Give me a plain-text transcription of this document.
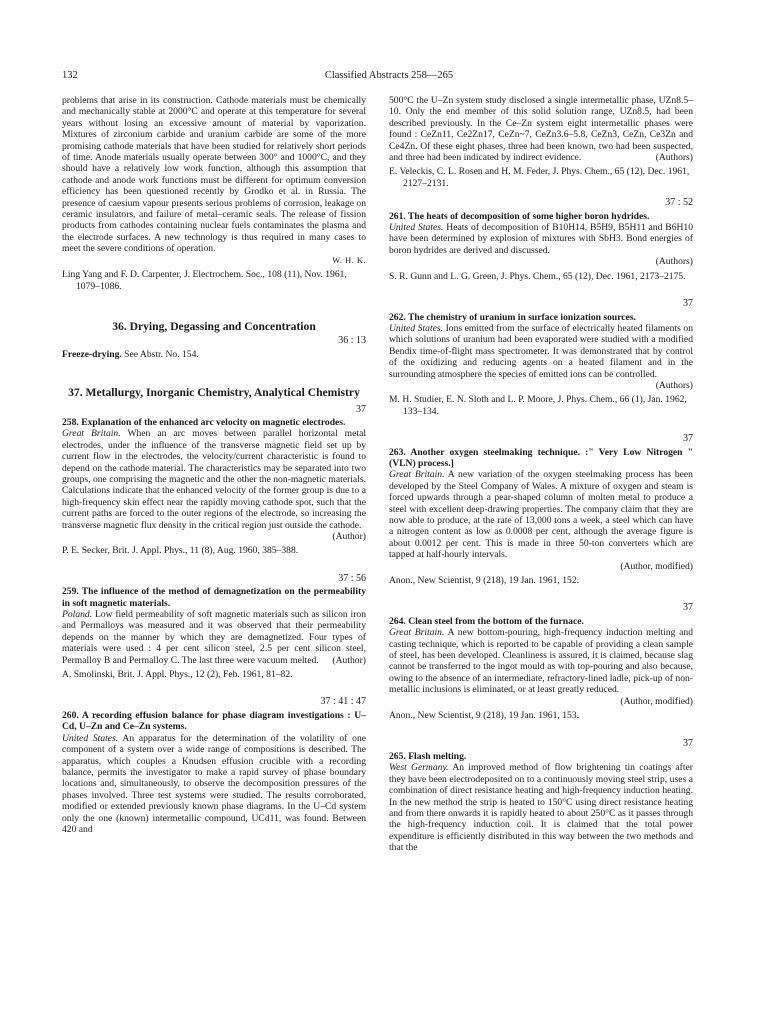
132	Classified Abstracts 258—265

problems that arise in its construction. Cathode materials must be chemically and mechanically stable at 2000°C and operate at this temperature for several years without losing an excessive amount of material by vaporization. Mixtures of zirconium carbide and uranium carbide are some of the more promising cathode materials that have been studied for relatively short periods of time. Anode materials usually operate between 300° and 1000°C, and they should have a relatively low work function, although this assumption that cathode and anode work functions must be different for optimum conversion efficiency has been questioned recently by Grodko et al. in Russia. The presence of caesium vapour presents serious problems of corrosion, leakage on ceramic insulators, and failure of metal–ceramic seals. The release of fission products from cathodes containing nuclear fuels contaminates the plasma and the electrode surfaces. A new technology is thus required in many cases to meet the severe conditions of operation.

W. H. K.

Ling Yang and F. D. Carpenter, J. Electrochem. Soc., 108 (11), Nov. 1961, 1079–1086.

36. Drying, Degassing and Concentration

36 : 13

Freeze-drying. See Abstr. No. 154.

37. Metallurgy, Inorganic Chemistry, Analytical Chemistry

37

258. Explanation of the enhanced arc velocity on magnetic electrodes.

Great Britain. When an arc moves between parallel horizontal metal electrodes, under the influence of the transverse magnetic field set up by current flow in the electrodes, the velocity/current characteristic is found to depend on the cathode material. The characteristics may be separated into two groups, one comprising the magnetic and the other the non-magnetic materials. Calculations indicate that the enhanced velocity of the former group is due to a high-frequency skin effect near the rapidly moving cathode spot, such that the current paths are forced to the outer regions of the electrode, so increasing the transverse magnetic flux density in the critical region just outside the cathode.

(Author)

P. E. Secker, Brit. J. Appl. Phys., 11 (8), Aug. 1960, 385–388.

37 : 56

259. The influence of the method of demagnetization on the permeability in soft magnetic materials.

Poland. Low field permeability of soft magnetic materials such as silicon iron and Permalloys was measured and it was observed that their permeability depends on the manner by which they are demagnetized. Four types of materials were used : 4 per cent silicon steel, 2.5 per cent silicon steel, Permalloy B and Permalloy C. The last three were vacuum melted. (Author)

A. Smolinski, Brit. J. Appl. Phys., 12 (2), Feb. 1961, 81–82.

37 : 41 : 47

260. A recording effusion balance for phase diagram investigations : U–Cd, U–Zn and Ce–Zn systems.

United States. An apparatus for the determination of the volatility of one component of a system over a wide range of compositions is described. The apparatus, which couples a Knudsen effusion crucible with a recording balance, permits the investigator to make a rapid survey of phase boundary locations and, simultaneously, to observe the decomposition pressures of the phases involved. Three test systems were studied. The results corroborated, modified or extended previously known phase diagrams. In the U–Cd system only the one (known) intermetallic compound, UCd11, was found. Between 420 and

500°C the U–Zn system study disclosed a single intermetallic phase, UZn8.5–10. Only the end member of this solid solution range, UZn8.5, had been described previously. In the Ce–Zn system eight intermetallic phases were found : CeZn11, Ce2Zn17, CeZn~7, CeZn3.6–5.8, CeZn3, CeZn, Ce3Zn and Ce4Zn. Of these eight phases, three had been known, two had been suspected, and three had been indicated by indirect evidence.	(Authors)

E. Veleckis, C. L. Rosen and H. M. Feder, J. Phys. Chem., 65 (12), Dec. 1961, 2127–2131.

37 : 52

261. The heats of decomposition of some higher boron hydrides.

United States. Heats of decomposition of B10H14, B5H9, B5H11 and B6H10 have been determined by explosion of mixtures with SbH3. Bond energies of boron hydrides are derived and discussed.

(Authors)

S. R. Gunn and L. G. Green, J. Phys. Chem., 65 (12), Dec. 1961, 2173–2175.

37

262. The chemistry of uranium in surface ionization sources.

United States. Ions emitted from the surface of electrically heated filaments on which solutions of uranium had been evaporated were studied with a modified Bendix time-of-flight mass spectrometer. It was demonstrated that by control of the oxidizing and reducing agents on a heated filament and in the surrounding atmosphere the species of emitted ions can be controlled.

(Authors)

M. H. Studier, E. N. Sloth and L. P. Moore, J. Phys. Chem., 66 (1), Jan. 1962, 133–134.

37

263. Another oxygen steelmaking technique. :" Very Low Nitrogen " (VLN) process.]

Great Britain. A new variation of the oxygen steelmaking process has been developed by the Steel Company of Wales. A mixture of oxygen and steam is forced upwards through a pear-shaped column of molten metal to produce a steel with excellent deep-drawing properties. The company claim that they are now able to produce, at the rate of 13,000 tons a week, a steel which can have a nitrogen content as low as 0.0008 per cent, although the average figure is about 0.0012 per cent. This is made in three 50-ton converters which are tapped at half-hourly intervals.

(Author, modified)

Anon., New Scientist, 9 (218), 19 Jan. 1961, 152.

37

264. Clean steel from the bottom of the furnace.

Great Britain. A new bottom-pouring, high-frequency induction melting and casting technique, which is reported to be capable of providing a clean sample of steel, has been developed. Cleanliness is assured, it is claimed, because slag cannot be transferred to the ingot mould as with top-pouring and also because, owing to the absence of an intermediate, refractory-lined ladle, pick-up of non-metallic inclusions is eliminated, or at least greatly reduced.

(Author, modified)

Anon., New Scientist, 9 (218), 19 Jan. 1961, 153.

37

265. Flash melting.

West Germany. An improved method of flow brightening tin coatings after they have been electrodeposited on to a continuously moving steel strip, uses a combination of direct resistance heating and high-frequency induction heating. In the new method the strip is heated to 150°C using direct resistance heating and from there onwards it is rapidly heated to about 250°C as it passes through the high-frequency induction coil. It is claimed that the total power expenditure is efficiently distributed in this way between the two methods and that the
